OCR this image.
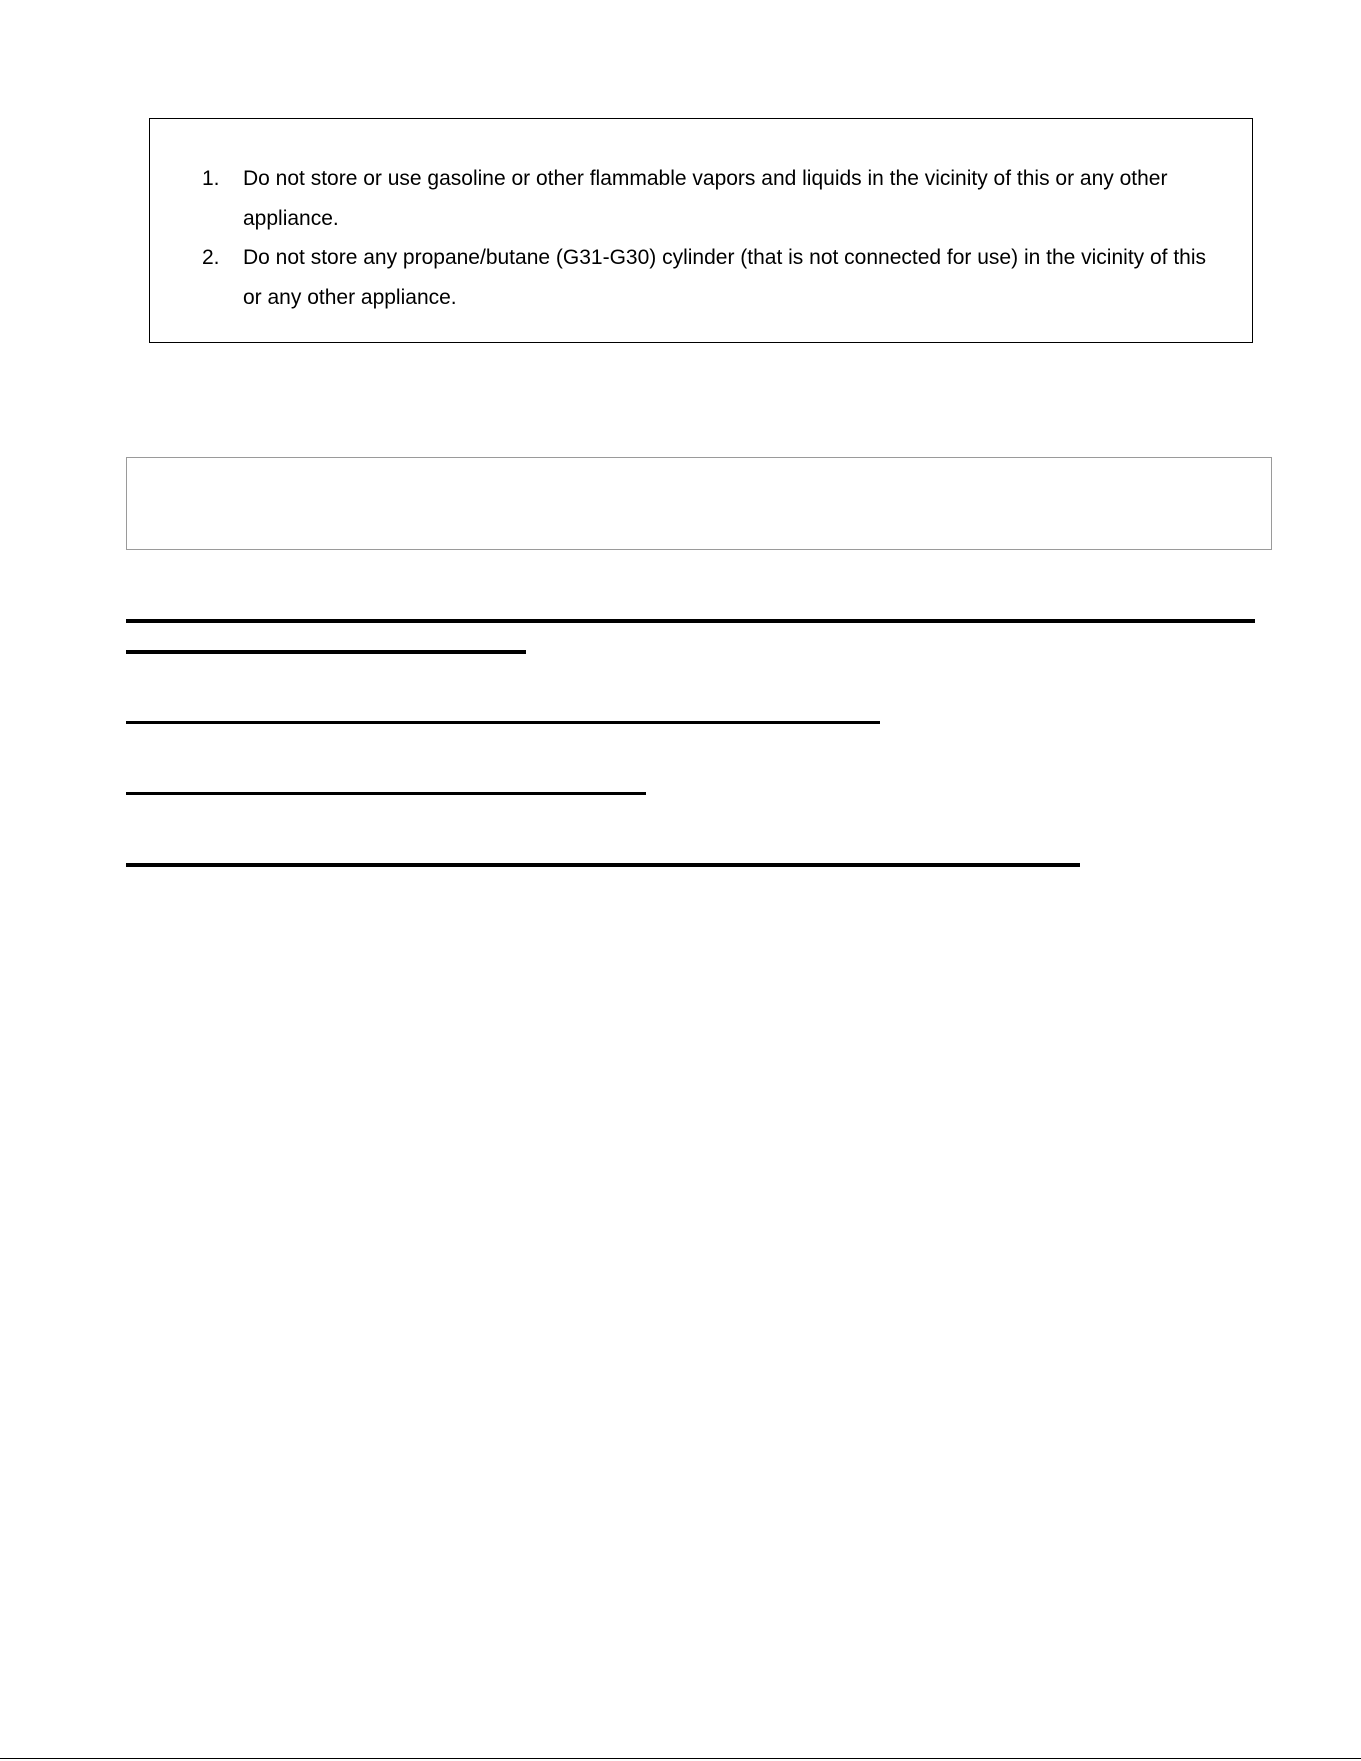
1. Do not store or use gasoline or other flammable vapors and liquids in the vicinity of this or any other appliance.
2. Do not store any propane/butane (G31-G30) cylinder (that is not connected for use) in the vicinity of this or any other appliance.
